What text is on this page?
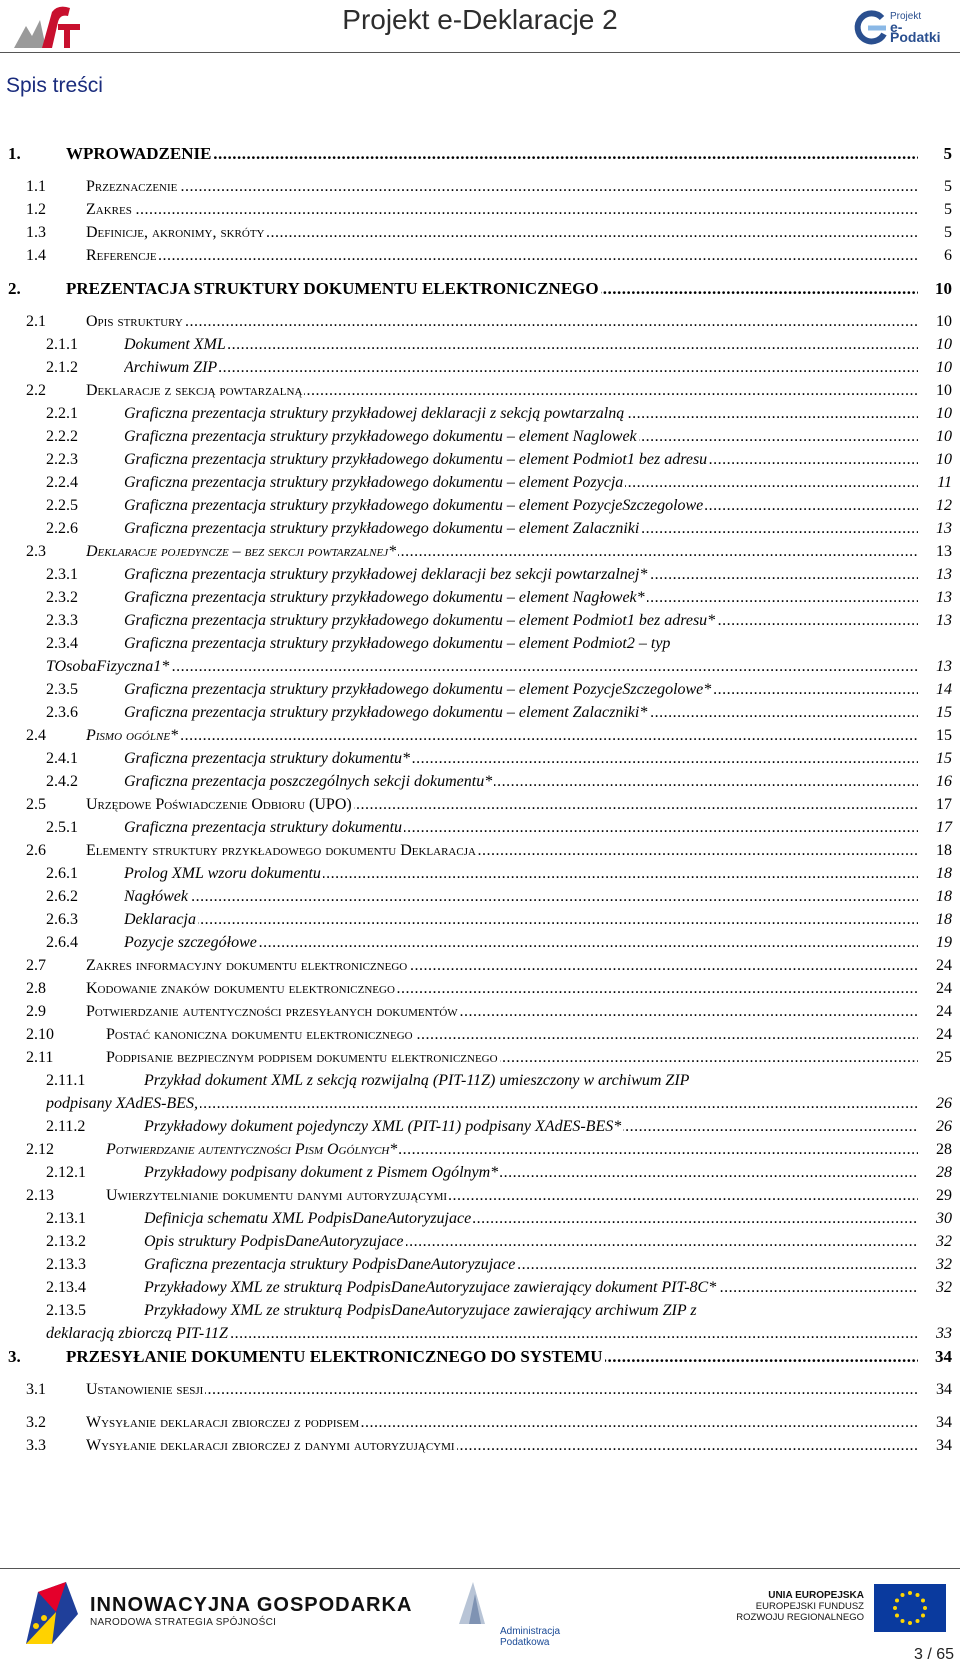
Projekt e-Deklaracje 2	Projekt
e-Podatki
Spis treści
1.	WPROWADZENIE .....	5
1.1	Przeznaczenie .....	5
1.2	Zakres .....	5
1.3	Definicje, akronimy, skróty .....	5
1.4	Referencje .....	6
2.	PREZENTACJA STRUKTURY DOKUMENTU ELEKTRONICZNEGO .....	10
2.1	Opis struktury .....	10
2.1.1	Dokument XML .....	10
2.1.2	Archiwum ZIP .....	10
2.2	Deklaracje z sekcją powtarzalną .....	10
2.2.1	Graficzna prezentacja struktury przykładowej deklaracji z sekcją powtarzalną .....	10
2.2.2	Graficzna prezentacja struktury przykładowego dokumentu – element Naglowek .....	10
2.2.3	Graficzna prezentacja struktury przykładowego dokumentu – element Podmiot1 bez adresu .....	10
2.2.4	Graficzna prezentacja struktury przykładowego dokumentu – element Pozycja .....	11
2.2.5	Graficzna prezentacja struktury przykładowego dokumentu – element PozycjeSzczegolowe .....	12
2.2.6	Graficzna prezentacja struktury przykładowego dokumentu – element Zalaczniki .....	13
2.3	Deklaracje pojedyncze – bez sekcji powtarzalnej* .....	13
2.3.1	Graficzna prezentacja struktury przykładowej deklaracji bez sekcji powtarzalnej* .....	13
2.3.2	Graficzna prezentacja struktury przykładowego dokumentu – element Nagłowek* .....	13
2.3.3	Graficzna prezentacja struktury przykładowego dokumentu – element Podmiot1 bez adresu* .....	13
2.3.4	Graficzna prezentacja struktury przykładowego dokumentu – element Podmiot2 – typ
TOsobaFizyczna1* .....	13
2.3.5	Graficzna prezentacja struktury przykładowego dokumentu – element PozycjeSzczegolowe* .....	14
2.3.6	Graficzna prezentacja struktury przykładowego dokumentu – element Zalaczniki* .....	15
2.4	Pismo ogólne* .....	15
2.4.1	Graficzna prezentacja struktury dokumentu* .....	15
2.4.2	Graficzna prezentacja poszczególnych sekcji dokumentu* .....	16
2.5	Urzędowe Poświadczenie Odbioru (UPO) .....	17
2.5.1	Graficzna prezentacja struktury dokumentu .....	17
2.6	Elementy struktury przykładowego dokumentu Deklaracja .....	18
2.6.1	Prolog XML wzoru dokumentu .....	18
2.6.2	Nagłówek .....	18
2.6.3	Deklaracja .....	18
2.6.4	Pozycje szczegółowe .....	19
2.7	Zakres informacyjny dokumentu elektronicznego .....	24
2.8	Kodowanie znaków dokumentu elektronicznego .....	24
2.9	Potwierdzanie autentyczności przesyłanych dokumentów .....	24
2.10	Postać kanoniczna dokumentu elektronicznego .....	24
2.11	Podpisanie bezpiecznym podpisem dokumentu elektronicznego .....	25
2.11.1	Przykład dokument XML z sekcją rozwijalną (PIT-11Z) umieszczony w archiwum ZIP
podpisany XAdES-BES, .....	26
2.11.2	Przykładowy dokument pojedynczy XML (PIT-11) podpisany XAdES-BES* .....	26
2.12	Potwierdzanie autentyczności Pism Ogólnych* .....	28
2.12.1	Przykładowy podpisany dokument z Pismem Ogólnym* .....	28
2.13	Uwierzytelnianie dokumentu danymi autoryzującymi .....	29
2.13.1	Definicja schematu XML PodpisDaneAutoryzujace .....	30
2.13.2	Opis struktury PodpisDaneAutoryzujace .....	32
2.13.3	Graficzna prezentacja struktury PodpisDaneAutoryzujace .....	32
2.13.4	Przykładowy XML ze strukturą PodpisDaneAutoryzujace zawierający dokument PIT-8C* .....	32
2.13.5	Przykładowy XML ze strukturą PodpisDaneAutoryzujace zawierający archiwum ZIP z
deklaracją zbiorczą PIT-11Z .....	33
3.	PRZESYŁANIE DOKUMENTU ELEKTRONICZNEGO DO SYSTEMU .....	34
3.1	Ustanowienie sesji .....	34
3.2	Wysyłanie deklaracji zbiorczej z podpisem .....	34
3.3	Wysyłanie deklaracji zbiorczej z danymi autoryzującymi .....	34
INNOWACYJNA GOSPODARKA
NARODOWA STRATEGIA SPÓJNOŚCI
Administracja
Podatkowa
UNIA EUROPEJSKA
EUROPEJSKI FUNDUSZ
ROZWOJU REGIONALNEGO
3 / 65
